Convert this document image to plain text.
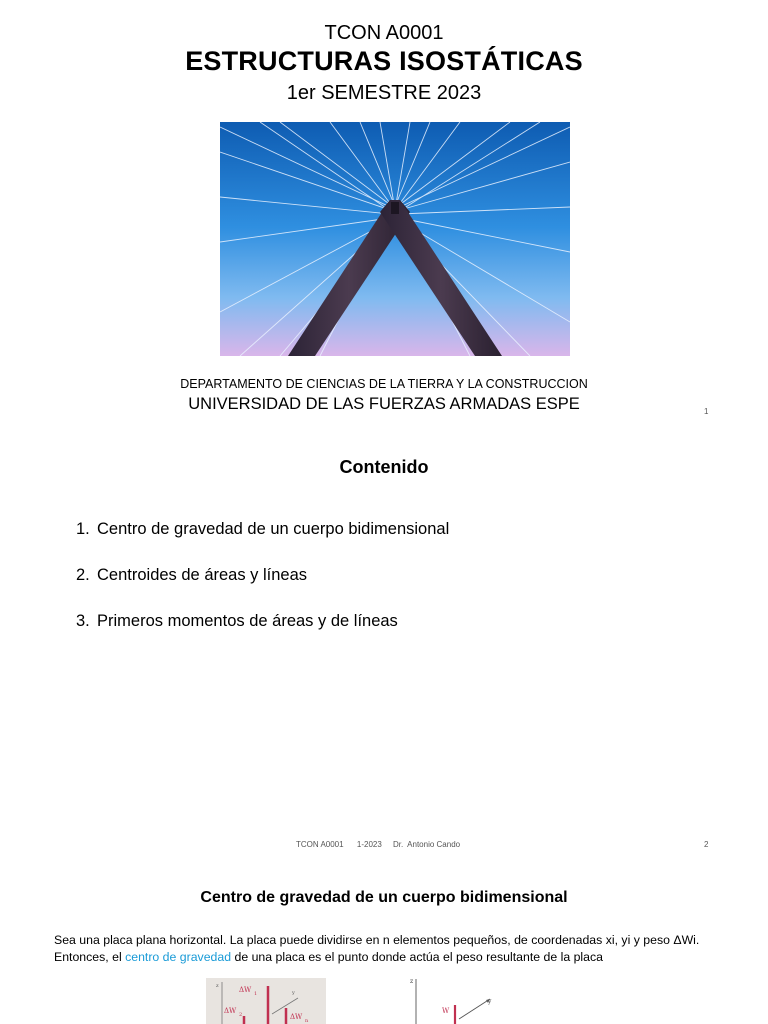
TCON A0001
ESTRUCTURAS ISOSTÁTICAS
1er SEMESTRE 2023
DEPARTAMENTO DE CIENCIAS DE LA TIERRA Y LA CONSTRUCCION
UNIVERSIDAD DE LAS FUERZAS ARMADAS ESPE	1
Contenido
1. Centro de gravedad de un cuerpo bidimensional
2. Centroides de áreas y líneas
3. Primeros momentos de áreas y de líneas
TCON A0001      1-2023     Dr.  Antonio Cando	2
Centro de gravedad de un cuerpo bidimensional
Sea una placa plana horizontal. La placa puede dividirse en n elementos pequeños, de coordenadas xi, yi y peso ΔWi. Entonces, el centro de gravedad de una placa es el punto donde actúa el peso resultante de la placa
z	ΔW 1
ΔW 2
y
ΔW n
z
W
y
